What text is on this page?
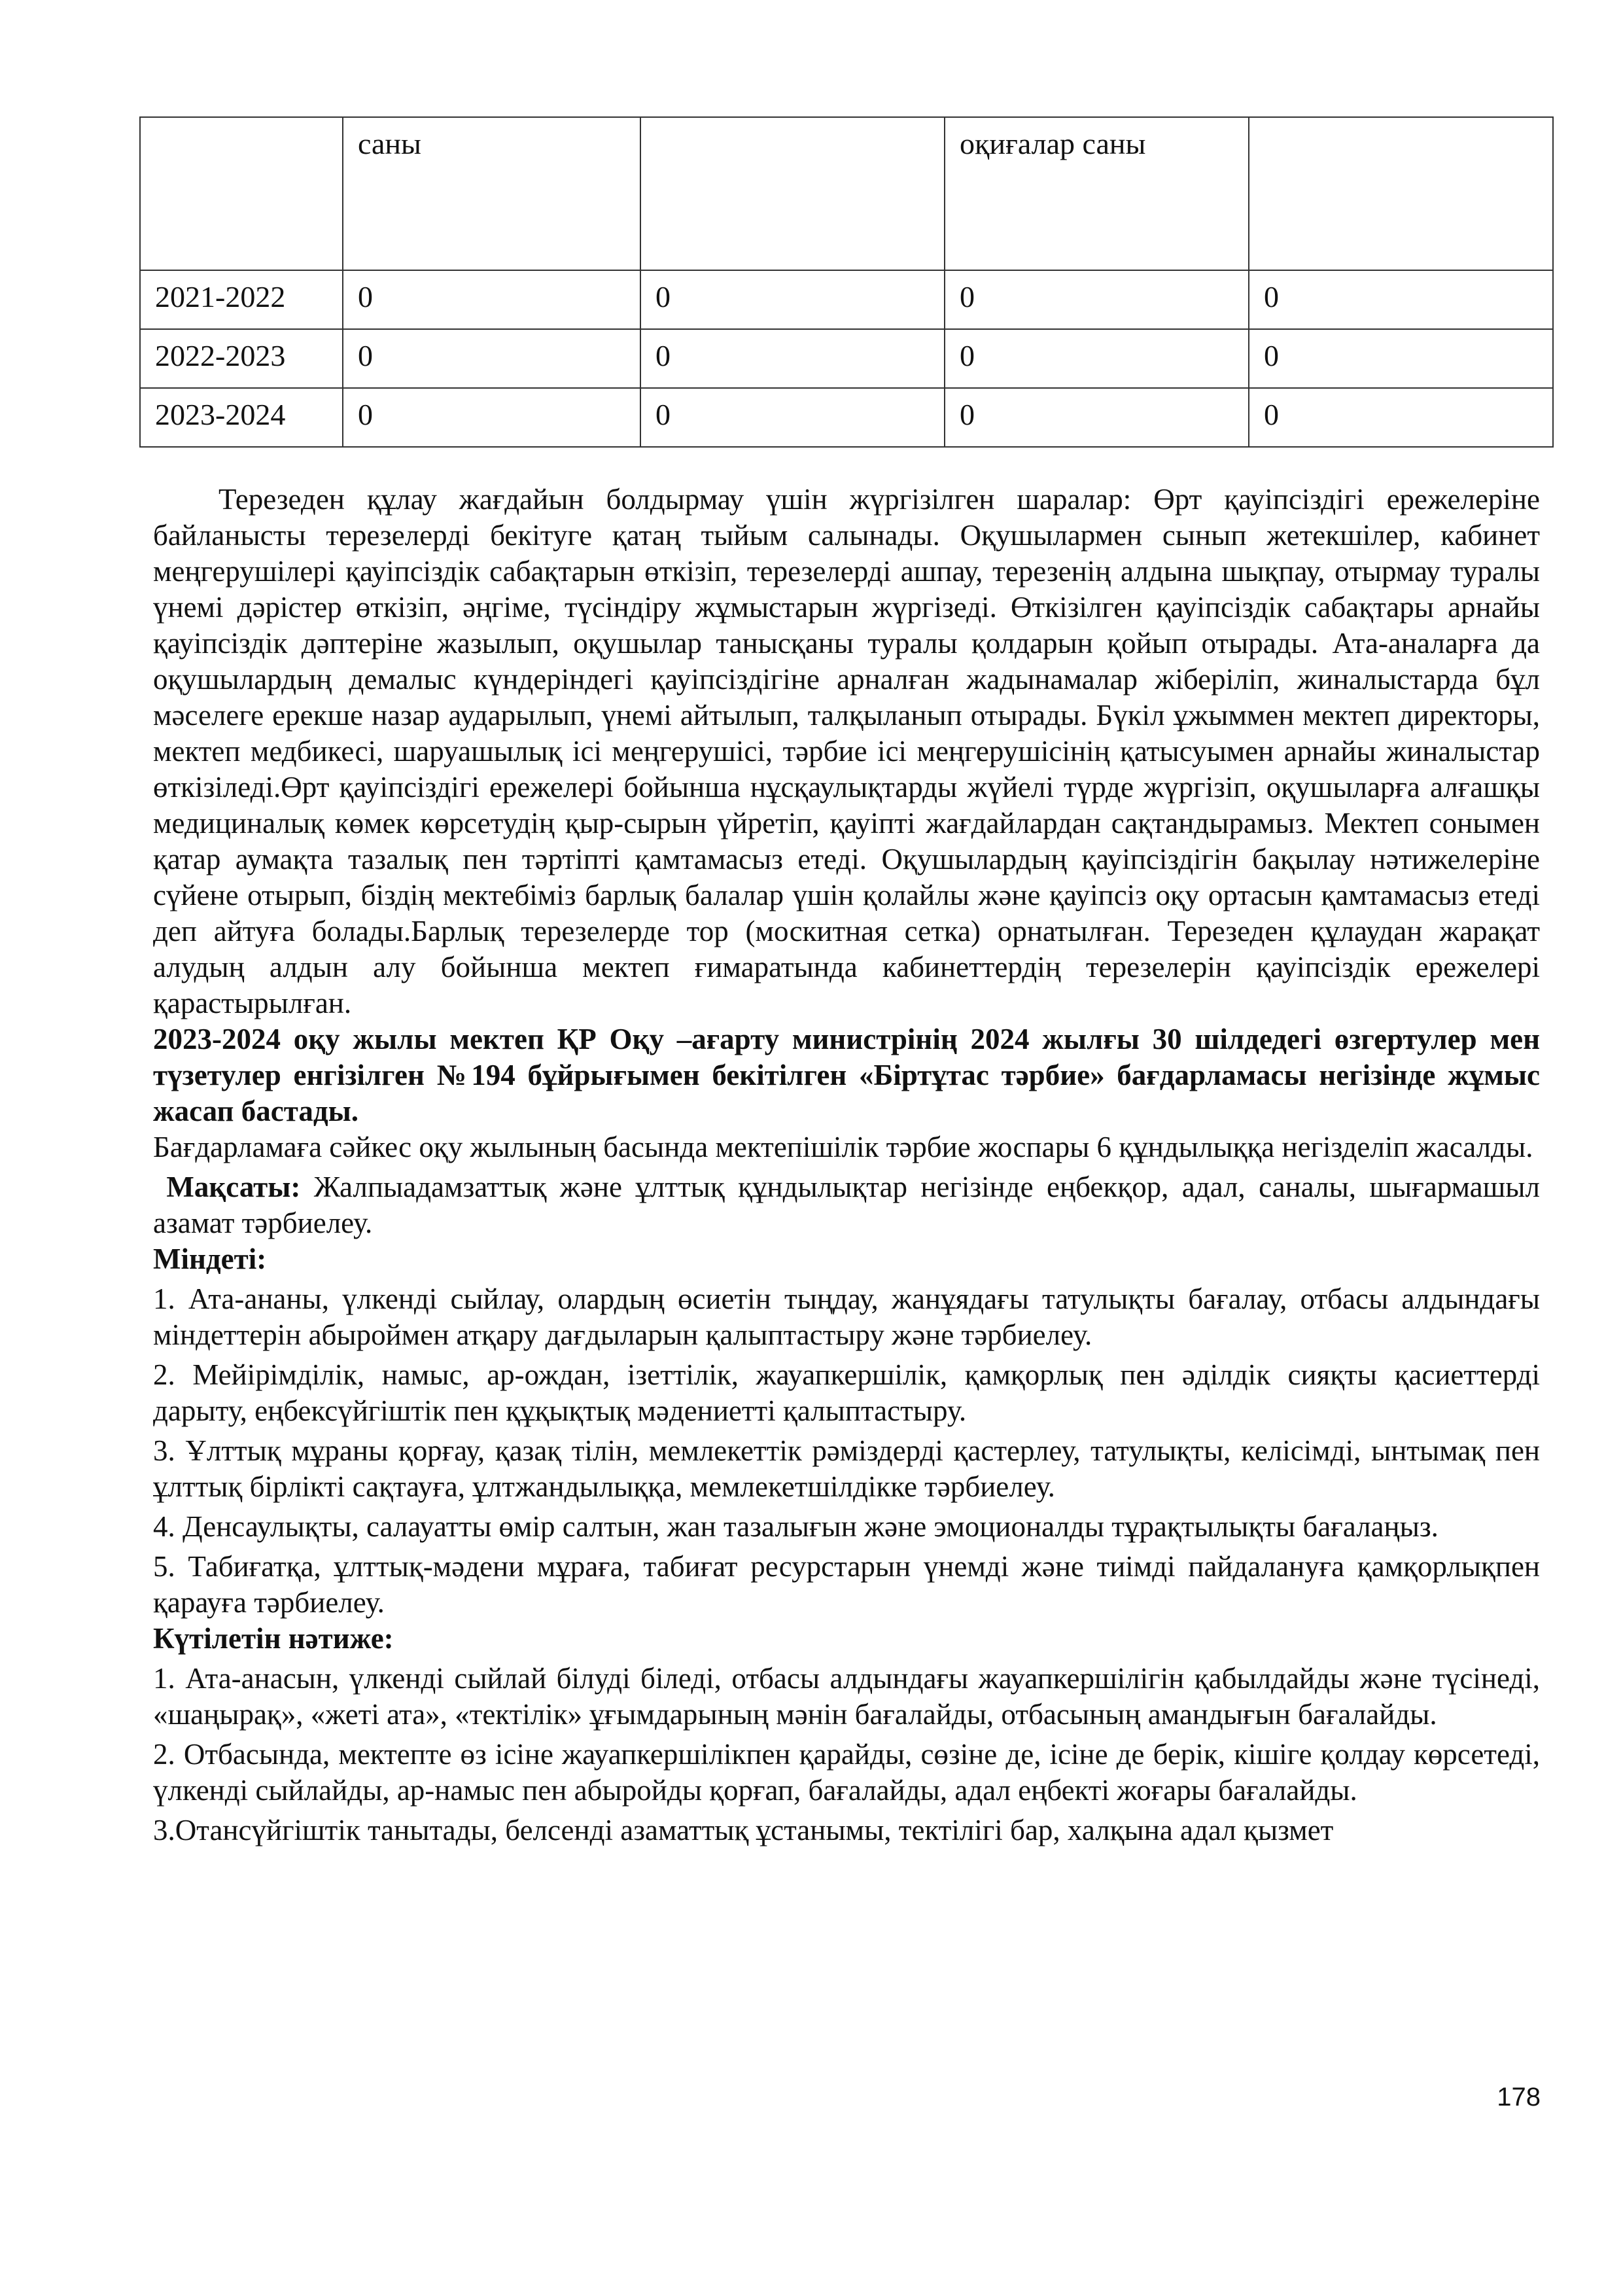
	саны		оқиғалар саны	
2021-2022	0	0	0	0
2022-2023	0	0	0	0
2023-2024	0	0	0	0

Терезеден құлау жағдайын болдырмау үшін жүргізілген шаралар: Өрт қауіпсіздігі ережелеріне байланысты терезелерді бекітуге қатаң тыйым салынады. Оқушылармен сынып жетекшілер, кабинет меңгерушілері қауіпсіздік сабақтарын өткізіп, терезелерді ашпау, терезенің алдына шықпау, отырмау туралы үнемі дәрістер өткізіп, әңгіме, түсіндіру жұмыстарын жүргізеді. Өткізілген қауіпсіздік сабақтары арнайы қауіпсіздік дәптеріне жазылып, оқушылар танысқаны туралы қолдарын қойып отырады. Ата-аналарға да оқушылардың демалыс күндеріндегі қауіпсіздігіне арналған жадынамалар жіберіліп, жиналыстарда бұл мәселеге ерекше назар аударылып, үнемі айтылып, талқыланып отырады. Бүкіл ұжыммен мектеп директоры, мектеп медбикесі, шаруашылық ісі меңгерушісі, тәрбие ісі меңгерушісінің қатысуымен арнайы жиналыстар өткізіледі.Өрт қауіпсіздігі ережелері бойынша нұсқаулықтарды жүйелі түрде жүргізіп, оқушыларға алғашқы медициналық көмек көрсетудің қыр-сырын үйретіп, қауіпті жағдайлардан сақтандырамыз. Мектеп сонымен қатар аумақта тазалық пен тәртіпті қамтамасыз етеді. Оқушылардың қауіпсіздігін бақылау нәтижелеріне сүйене отырып, біздің мектебіміз барлық балалар үшін қолайлы және қауіпсіз оқу ортасын қамтамасыз етеді деп айтуға болады.Барлық терезелерде тор (москитная сетка) орнатылған. Терезеден құлаудан жарақат алудың алдын алу бойынша мектеп ғимаратында кабинеттердің терезелерін қауіпсіздік ережелері қарастырылған.

2023-2024 оқу жылы мектеп ҚР Оқу –ағарту министрінің 2024 жылғы 30 шілдедегі өзгертулер мен түзетулер енгізілген №194 бұйрығымен бекітілген «Біртұтас тәрбие» бағдарламасы негізінде жұмыс жасап бастады.

Бағдарламаға сәйкес оқу жылының басында мектепішілік тәрбие жоспары 6 құндылыққа негізделіп жасалды.

Мақсаты: Жалпыадамзаттық және ұлттық құндылықтар негізінде еңбекқор, адал, саналы, шығармашыл азамат тәрбиелеу.

Міндеті:

1. Ата-ананы, үлкенді сыйлау, олардың өсиетін тыңдау, жанұядағы татулықты бағалау, отбасы алдындағы міндеттерін абыроймен атқару дағдыларын қалыптастыру және тәрбиелеу.

2. Мейірімділік, намыс, ар-ождан, ізеттілік, жауапкершілік, қамқорлық пен әділдік сияқты қасиеттерді дарыту, еңбексүйгіштік пен құқықтық мәдениетті қалыптастыру.

3. Ұлттық мұраны қорғау, қазақ тілін, мемлекеттік рәміздерді қастерлеу, татулықты, келісімді, ынтымақ пен ұлттық бірлікті сақтауға, ұлтжандылыққа, мемлекетшілдікке тәрбиелеу.

4. Денсаулықты, салауатты өмір салтын, жан тазалығын және эмоционалды тұрақтылықты бағалаңыз.

5. Табиғатқа, ұлттық-мәдени мұраға, табиғат ресурстарын үнемді және тиімді пайдалануға қамқорлықпен қарауға тәрбиелеу.

Күтілетін нәтиже:

1. Ата-анасын, үлкенді сыйлай білуді біледі, отбасы алдындағы жауапкершілігін қабылдайды және түсінеді, «шаңырақ», «жеті ата», «тектілік» ұғымдарының мәнін бағалайды, отбасының амандығын бағалайды.

2. Отбасында, мектепте өз ісіне жауапкершілікпен қарайды, сөзіне де, ісіне де берік, кішіге қолдау көрсетеді, үлкенді сыйлайды, ар-намыс пен абыройды қорғап, бағалайды, адал еңбекті жоғары бағалайды.

3.Отансүйгіштік танытады, белсенді азаматтық ұстанымы, тектілігі бар, халқына адал қызмет

178
